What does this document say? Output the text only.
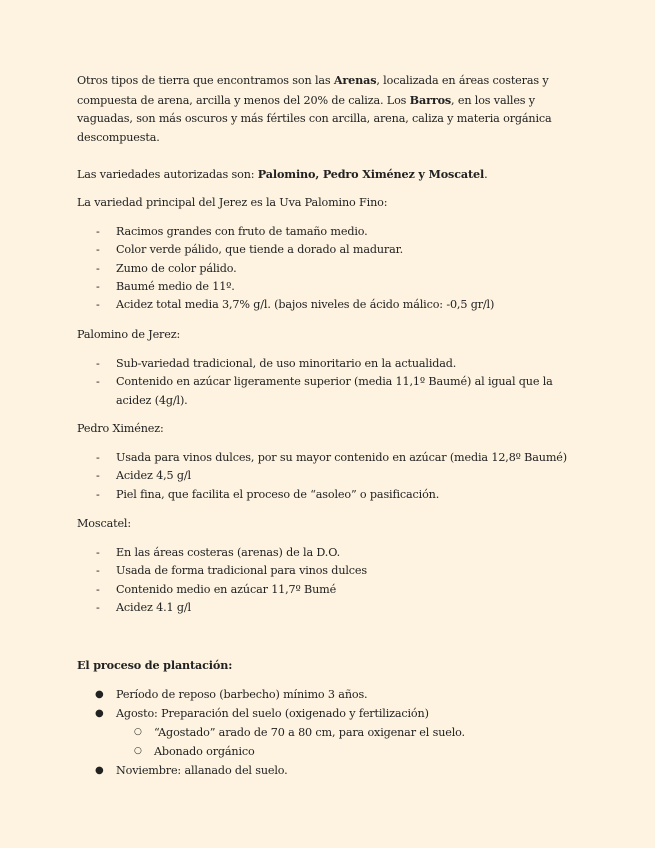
Otros tipos de tierra que encontramos son las Arenas, localizada en áreas costeras y compuesta de arena, arcilla y menos del 20% de caliza. Los Barros, en los valles y vaguadas, son más oscuros y más fértiles con arcilla, arena, caliza y materia orgánica descompuesta.

Las variedades autorizadas son: Palomino, Pedro Ximénez y Moscatel.

La variedad principal del Jerez es la Uva Palomino Fino:

- Racimos grandes con fruto de tamaño medio.
- Color verde pálido, que tiende a dorado al madurar.
- Zumo de color pálido.
- Baumé medio de 11º.
- Acidez total media 3,7% g/l. (bajos niveles de ácido málico: -0,5 gr/l)

Palomino de Jerez:

- Sub-variedad tradicional, de uso minoritario en la actualidad.
- Contenido en azúcar ligeramente superior (media 11,1º Baumé) al igual que la acidez (4g/l).

Pedro Ximénez:

- Usada para vinos dulces, por su mayor contenido en azúcar (media 12,8º Baumé)
- Acidez 4,5 g/l
- Piel fina, que facilita el proceso de “asoleo” o pasificación.

Moscatel:

- En las áreas costeras (arenas) de la D.O.
- Usada de forma tradicional para vinos dulces
- Contenido medio en azúcar 11,7º Bumé
- Acidez 4.1 g/l

El proceso de plantación:

● Período de reposo (barbecho) mínimo 3 años.
● Agosto: Preparación del suelo (oxigenado y fertilización)
○ “Agostado” arado de 70 a 80 cm, para oxigenar el suelo.
○ Abonado orgánico
● Noviembre: allanado del suelo.
